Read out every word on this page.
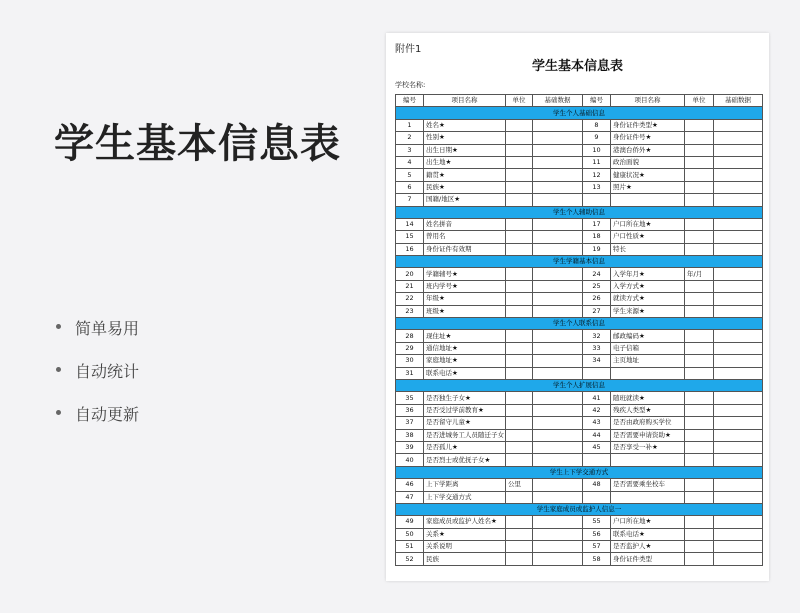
学生基本信息表
简单易用
自动统计
自动更新
附件1
学生基本信息表
学校名称:
编号	项目名称	单位	基础数据	编号	项目名称	单位	基础数据
学生个人基础信息							
1	姓名★			8	身份证件类型★		
2	性别★			9	身份证件号★		
3	出生日期★			10	港澳台侨外★		
4	出生地★			11	政治面貌		
5	籍贯★			12	健康状况★		
6	民族★			13	照片★		
7	国籍/地区★						
学生个人辅助信息							
14	姓名拼音			17	户口所在地★		
15	曾用名			18	户口性质★		
16	身份证件有效期			19	特长		
学生学籍基本信息							
20	学籍辅号★			24	入学年月★	年/月	
21	班内学号★			25	入学方式★		
22	年级★			26	就读方式★		
23	班级★			27	学生来源★		
学生个人联系信息							
28	现住址★			32	邮政编码★		
29	通信地址★			33	电子信箱		
30	家庭地址★			34	主页地址		
31	联系电话★						
学生个人扩展信息							
35	是否独生子女★			41	随班就读★		
36	是否受过学前教育★			42	残疾人类型★		
37	是否留守儿童★			43	是否由政府购买学位		
38	是否进城务工人员随迁子女			44	是否需要申请资助★		
39	是否孤儿★			45	是否享受一补★		
40	是否烈士或优抚子女★						
学生上下学交通方式							
46	上下学距离	公里		48	是否需要乘坐校车		
47	上下学交通方式						
学生家庭成员或监护人信息一							
49	家庭成员或监护人姓名★			55	户口所在地★		
50	关系★			56	联系电话★		
51	关系说明			57	是否监护人★		
52	民族			58	身份证件类型		
